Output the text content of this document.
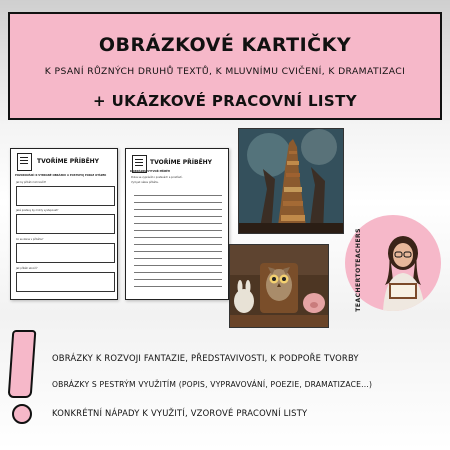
OBRÁZKOVÉ KARTIČKY
K PSANÍ RŮZNÝCH DRUHŮ TEXTŮ, K MLUVNÍMU CVIČENÍ, K DRAMATIZACI
+ UKÁZKOVÉ PRACOVNÍ LISTY
TVOŘÍME PŘÍBĚHY
POZOROVÁNÍ: K VYBRANÉ OBRÁZKU A POSTUPUJ PODLE OTÁZEK
Jak by příběh mohl začít?
Jaké postavy by mohly vystupovat?
Co se stane v příběhu?
Jak příběh skončí?
TVOŘÍME PŘÍBĚHY
K OBRÁZKU VYTVOŘ PŘÍBĚH
Pokus se vyprávět o postavách a prostředí.
Vymysli název příběhu.
TEACHERTOTEACHERS
OBRÁZKY K ROZVOJI FANTAZIE, PŘEDSTAVIVOSTI, K PODPOŘE TVORBY
OBRÁZKY S PESTRÝM VYUŽITÍM (POPIS, VYPRAVOVÁNÍ, POEZIE, DRAMATIZACE...)
KONKRÉTNÍ NÁPADY K VYUŽITÍ, VZOROVÉ PRACOVNÍ LISTY
